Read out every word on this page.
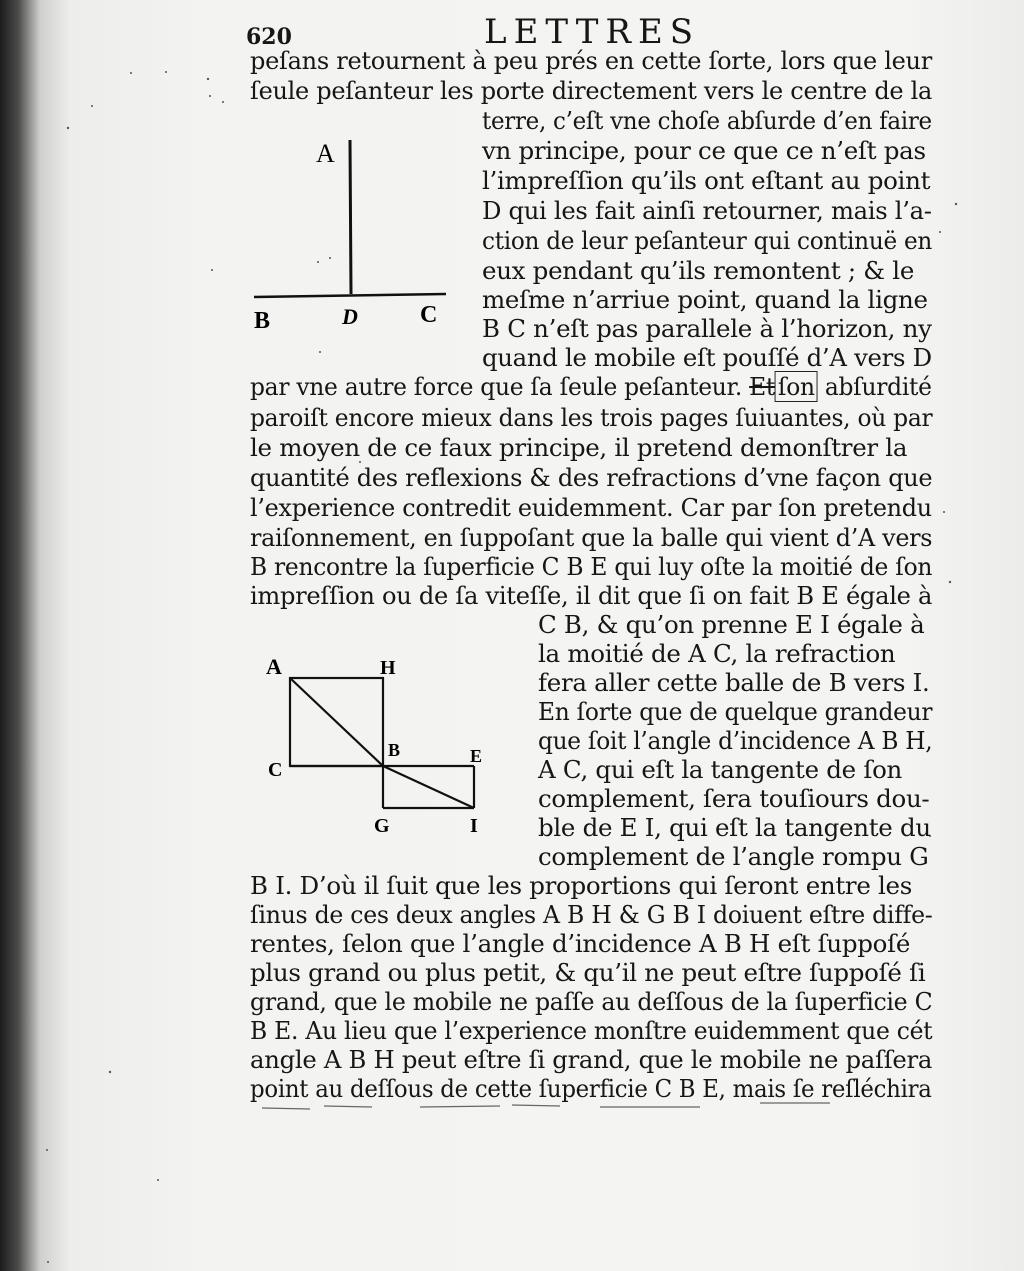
620	LETTRES
A
B	D	C
A	H
C
B	E
G	I
peſans retournent à peu prés en cette ſorte, lors que leur
ſeule peſanteur les porte directement vers le centre de la
terre, c’eſt vne choſe abſurde d’en faire
vn principe, pour ce que ce n’eſt pas
l’impreſſion qu’ils ont eſtant au point
D qui les fait ainſi retourner, mais l’a-
ction de leur peſanteur qui continuë en
eux pendant qu’ils remontent ; & le
meſme n’arriue point, quand la ligne
B C n’eſt pas parallele à l’horizon, ny
quand le mobile eſt pouſſé d’A vers D
par vne autre force que ſa ſeule peſanteur. Et ſon abſurdité
paroiſt encore mieux dans les trois pages ſuiuantes, où par
le moyen de ce faux principe, il pretend demonſtrer la
quantité des reflexions & des refractions d’vne façon que
l’experience contredit euidemment. Car par ſon pretendu
raiſonnement, en ſuppoſant que la balle qui vient d’A vers
B rencontre la ſuperficie C B E qui luy oſte la moitié de ſon
impreſſion ou de ſa viteſſe, il dit que ſi on fait B E égale à
C B, & qu’on prenne E I égale à
la moitié de A C, la refraction
fera aller cette balle de B vers I.
En ſorte que de quelque grandeur
que ſoit l’angle d’incidence A B H,
A C, qui eſt la tangente de ſon
complement, ſera touſiours dou-
ble de E I, qui eſt la tangente du
complement de l’angle rompu G
B I. D’où il ſuit que les proportions qui ſeront entre les
ſinus de ces deux angles A B H & G B I doiuent eſtre diffe-
rentes, ſelon que l’angle d’incidence A B H eſt ſuppoſé
plus grand ou plus petit, & qu’il ne peut eſtre ſuppoſé ſi
grand, que le mobile ne paſſe au deſſous de la ſuperficie C
B E. Au lieu que l’experience monſtre euidemment que cét
angle A B H peut eſtre ſi grand, que le mobile ne paſſera
point au deſſous de cette ſuperficie C B E, mais ſe reſléchira
